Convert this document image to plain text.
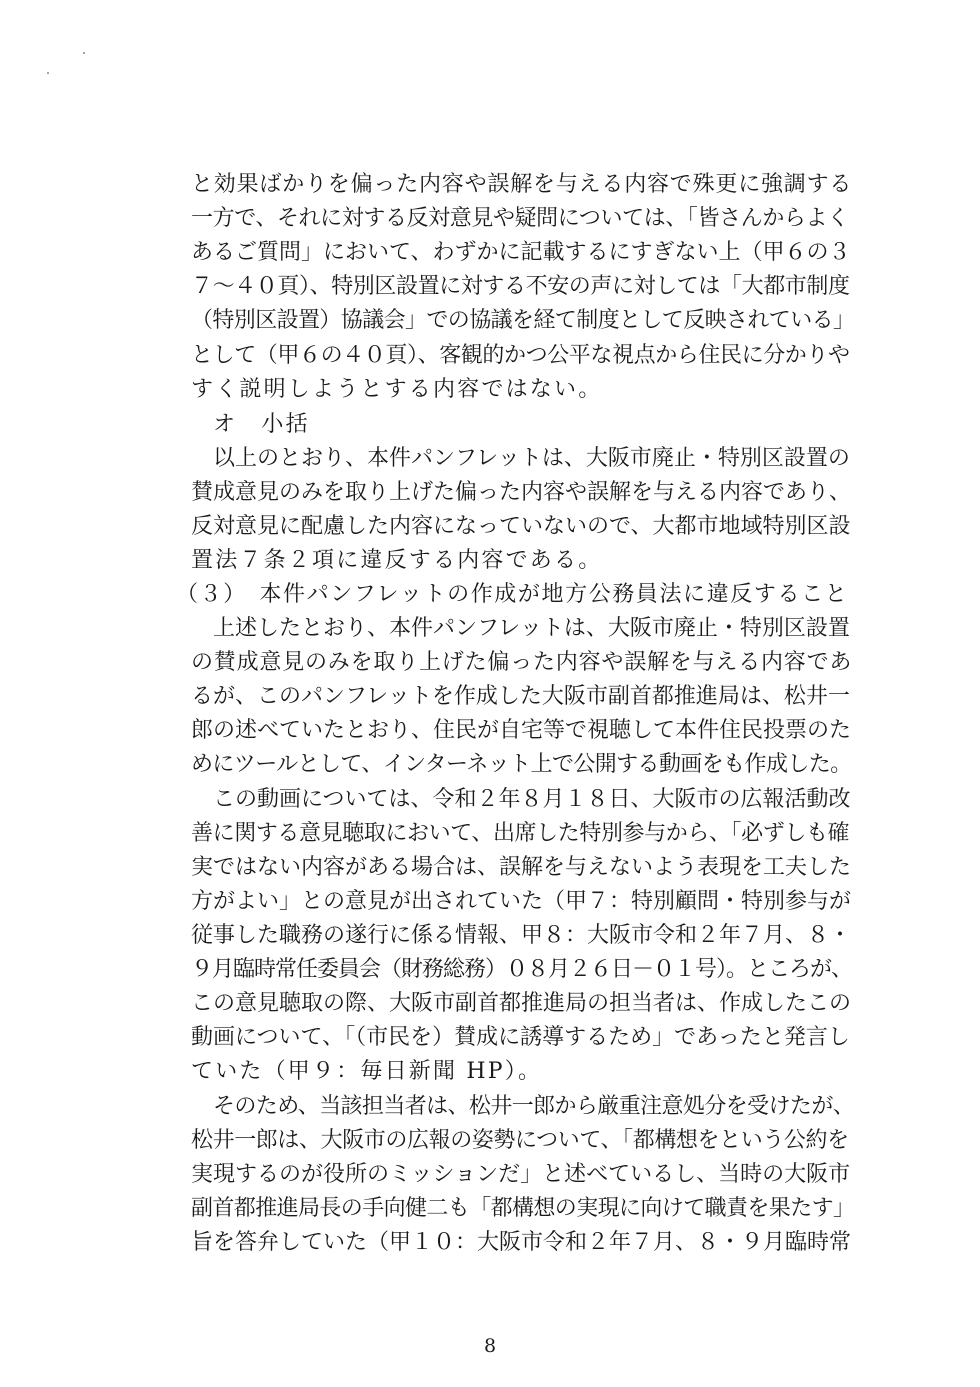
と効果ばかりを偏った内容や誤解を与える内容で殊更に強調する
一方で、それに対する反対意見や疑問については、「皆さんからよく
あるご質問」において、わずかに記載するにすぎない上（甲６の３
７～４０頁）、特別区設置に対する不安の声に対しては「大都市制度
（特別区設置）協議会」での協議を経て制度として反映されている」
として（甲６の４０頁）、客観的かつ公平な視点から住民に分かりや
すく説明しようとする内容ではない。
オ　小括
以上のとおり、本件パンフレットは、大阪市廃止・特別区設置の
賛成意見のみを取り上げた偏った内容や誤解を与える内容であり、
反対意見に配慮した内容になっていないので、大都市地域特別区設
置法７条２項に違反する内容である。
（３）　本件パンフレットの作成が地方公務員法に違反すること
上述したとおり、本件パンフレットは、大阪市廃止・特別区設置
の賛成意見のみを取り上げた偏った内容や誤解を与える内容であ
るが、このパンフレットを作成した大阪市副首都推進局は、松井一
郎の述べていたとおり、住民が自宅等で視聴して本件住民投票のた
めにツールとして、インターネット上で公開する動画をも作成した。
この動画については、令和２年８月１８日、大阪市の広報活動改
善に関する意見聴取において、出席した特別参与から、「必ずしも確
実ではない内容がある場合は、誤解を与えないよう表現を工夫した
方がよい」との意見が出されていた（甲７：特別顧問・特別参与が
従事した職務の遂行に係る情報、甲８：大阪市令和２年７月、８・
９月臨時常任委員会（財務総務）０８月２６日－０１号）。ところが、
この意見聴取の際、大阪市副首都推進局の担当者は、作成したこの
動画について、「（市民を）賛成に誘導するため」であったと発言し
ていた（甲９：毎日新聞 HP）。
そのため、当該担当者は、松井一郎から厳重注意処分を受けたが、
松井一郎は、大阪市の広報の姿勢について、「都構想をという公約を
実現するのが役所のミッションだ」と述べているし、当時の大阪市
副首都推進局長の手向健二も「都構想の実現に向けて職責を果たす」
旨を答弁していた（甲１０：大阪市令和２年７月、８・９月臨時常
8
